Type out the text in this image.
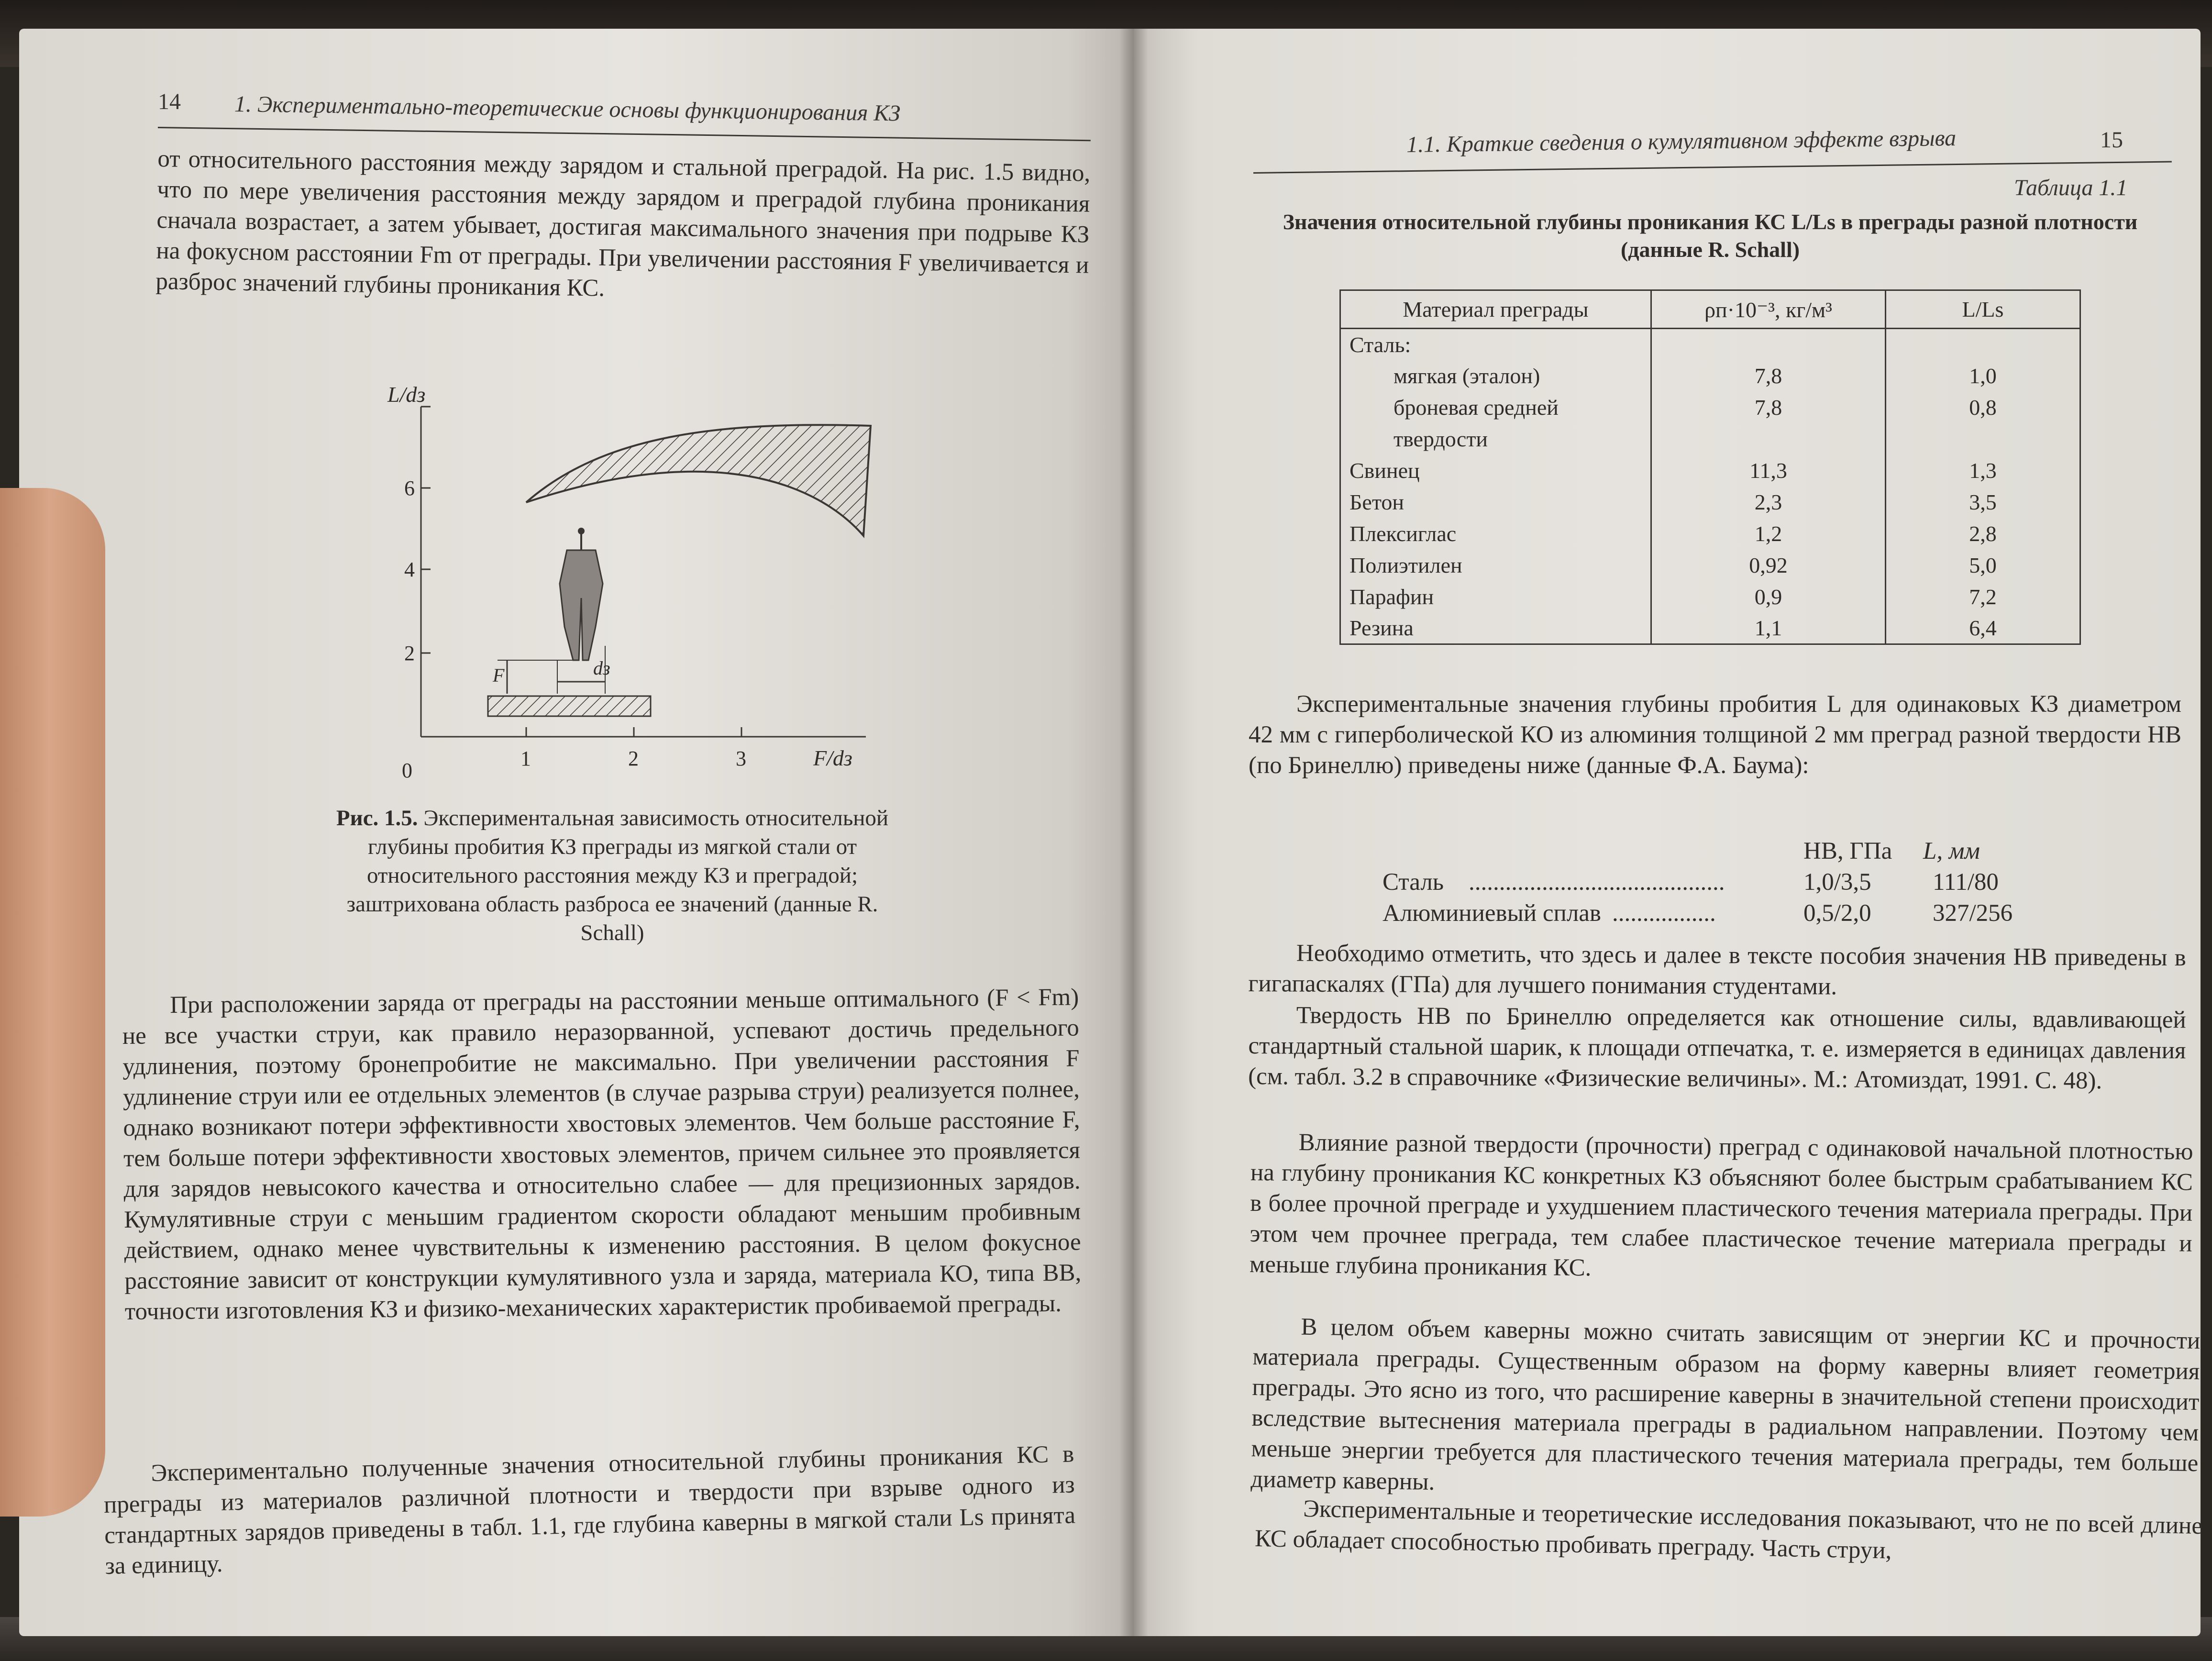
14 1. Экспериментально-теоретические основы функционирования КЗ
от относительного расстояния между зарядом и стальной преградой. На рис. 1.5 видно, что по мере увеличения расстояния между зарядом и преградой глубина проникания сначала возрастает, а затем убывает, достигая максимального значения при подрыве КЗ на фокусном расстоянии Fm от преграды. При увеличении расстояния F увеличивается и разброс значений глубины проникания КС.
L/dз
0
2
4
6
1	2	3	F/dз
F	dз
Рис. 1.5. Экспериментальная зависимость относительной глубины пробития КЗ преграды из мягкой стали от относительного расстояния между КЗ и преградой; заштрихована область разброса ее значений (данные R. Schall)
При расположении заряда от преграды на расстоянии меньше оптимального (F < Fm) не все участки струи, как правило неразорванной, успевают достичь предельного удлинения, поэтому бронепробитие не максимально. При увеличении расстояния F удлинение струи или ее отдельных элементов (в случае разрыва струи) реализуется полнее, однако возникают потери эффективности хвостовых элементов. Чем больше расстояние F, тем больше потери эффективности хвостовых элементов, причем сильнее это проявляется для зарядов невысокого качества и относительно слабее — для прецизионных зарядов. Кумулятивные струи с меньшим градиентом скорости обладают меньшим пробивным действием, однако менее чувствительны к изменению расстояния. В целом фокусное расстояние зависит от конструкции кумулятивного узла и заряда, материала КО, типа ВВ, точности изготовления КЗ и физико-механических характеристик пробиваемой преграды.
Экспериментально полученные значения относительной глубины проникания КС в преграды из материалов различной плотности и твердости при взрыве одного из стандартных зарядов приведены в табл. 1.1, где глубина каверны в мягкой стали Ls принята за единицу.
1.1. Краткие сведения о кумулятивном эффекте взрыва	15
Таблица 1.1
Значения относительной глубины проникания КС L/Ls в преграды разной плотности (данные R. Schall)
Материал преграды	ρп·10⁻³, кг/м³	L/Ls
Сталь:		
мягкая (эталон)	7,8	1,0
броневая средней	7,8	0,8
твердости		
Свинец	11,3	1,3
Бетон	2,3	3,5
Плексиглас	1,2	2,8
Полиэтилен	0,92	5,0
Парафин	0,9	7,2
Резина	1,1	6,4
Экспериментальные значения глубины пробития L для одинаковых КЗ диаметром 42 мм с гиперболической КО из алюминия толщиной 2 мм преград разной твердости НВ (по Бринеллю) приведены ниже (данные Ф.А. Баума):
HB, ГПа L, мм
Сталь ..........................................	1,0/3,5	111/80
Алюминиевый сплав .................	0,5/2,0	327/256
Необходимо отметить, что здесь и далее в тексте пособия значения НВ приведены в гигапаскалях (ГПа) для лучшего понимания студентами.
Твердость НВ по Бринеллю определяется как отношение силы, вдавливающей стандартный стальной шарик, к площади отпечатка, т. е. измеряется в единицах давления (см. табл. 3.2 в справочнике «Физические величины». М.: Атомиздат, 1991. С. 48).
Влияние разной твердости (прочности) преград с одинаковой начальной плотностью на глубину проникания КС конкретных КЗ объясняют более быстрым срабатыванием КС в более прочной преграде и ухудшением пластического течения материала преграды. При этом чем прочнее преграда, тем слабее пластическое течение материала преграды и меньше глубина проникания КС.
В целом объем каверны можно считать зависящим от энергии КС и прочности материала преграды. Существенным образом на форму каверны влияет геометрия преграды. Это ясно из того, что расширение каверны в значительной степени происходит вследствие вытеснения материала преграды в радиальном направлении. Поэтому чем меньше энергии требуется для пластического течения материала преграды, тем больше диаметр каверны.
Экспериментальные и теоретические исследования показывают, что не по всей длине КС обладает способностью пробивать преграду. Часть струи,
